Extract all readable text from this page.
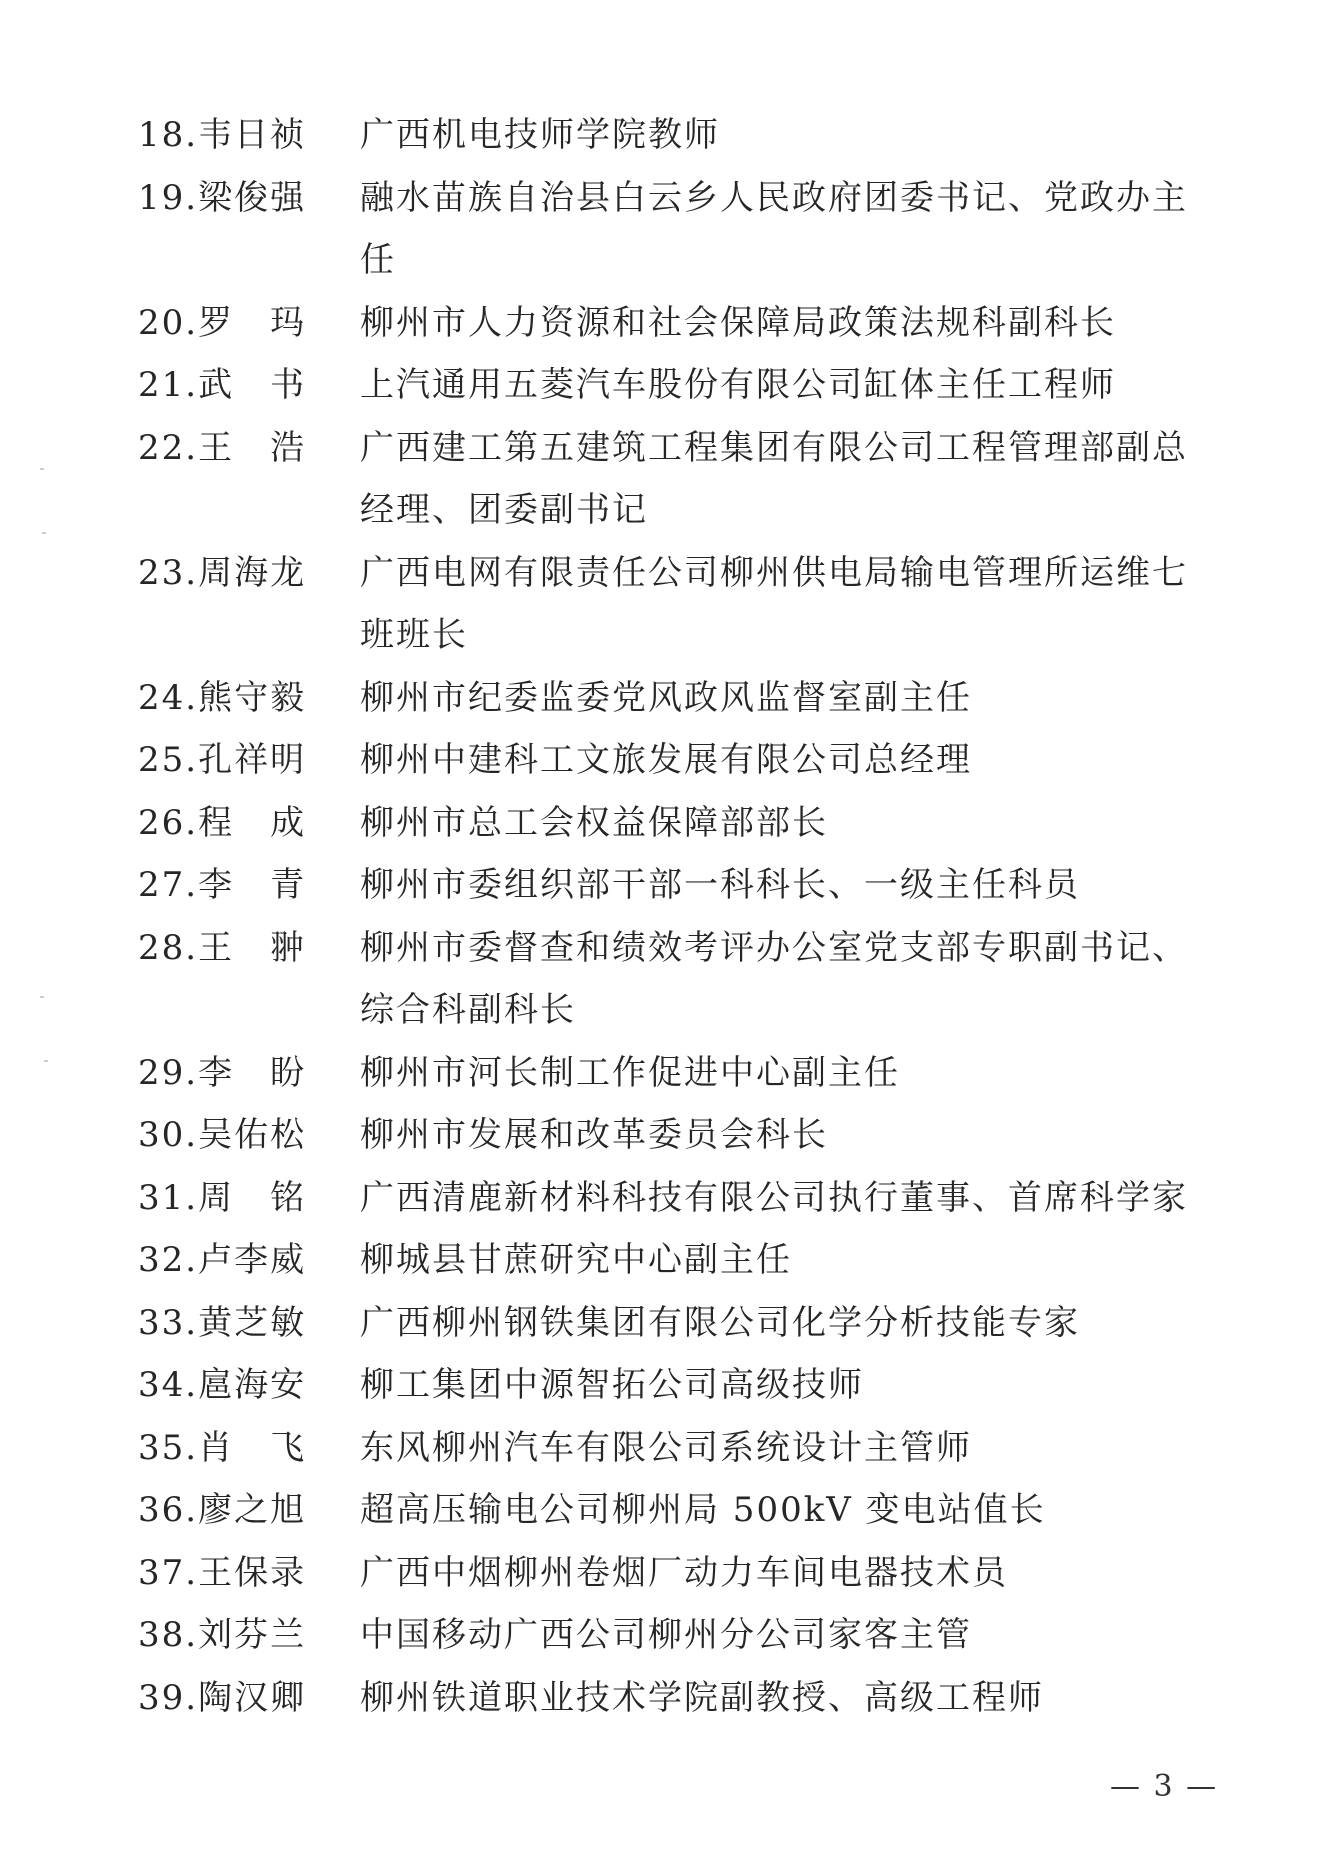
18.韦日祯	广西机电技师学院教师
19.梁俊强	融水苗族自治县白云乡人民政府团委书记、党政办主任
20.罗　玛	柳州市人力资源和社会保障局政策法规科副科长
21.武　书	上汽通用五菱汽车股份有限公司缸体主任工程师
22.王　浩	广西建工第五建筑工程集团有限公司工程管理部副总经理、团委副书记
23.周海龙	广西电网有限责任公司柳州供电局输电管理所运维七班班长
24.熊守毅	柳州市纪委监委党风政风监督室副主任
25.孔祥明	柳州中建科工文旅发展有限公司总经理
26.程　成	柳州市总工会权益保障部部长
27.李　青	柳州市委组织部干部一科科长、一级主任科员
28.王　翀	柳州市委督查和绩效考评办公室党支部专职副书记、综合科副科长
29.李　盼	柳州市河长制工作促进中心副主任
30.吴佑松	柳州市发展和改革委员会科长
31.周　铭	广西清鹿新材料科技有限公司执行董事、首席科学家
32.卢李威	柳城县甘蔗研究中心副主任
33.黄芝敏	广西柳州钢铁集团有限公司化学分析技能专家
34.扈海安	柳工集团中源智拓公司高级技师
35.肖　飞	东风柳州汽车有限公司系统设计主管师
36.廖之旭	超高压输电公司柳州局 500kV 变电站值长
37.王保录	广西中烟柳州卷烟厂动力车间电器技术员
38.刘芬兰	中国移动广西公司柳州分公司家客主管
39.陶汉卿	柳州铁道职业技术学院副教授、高级工程师
— 3 —
